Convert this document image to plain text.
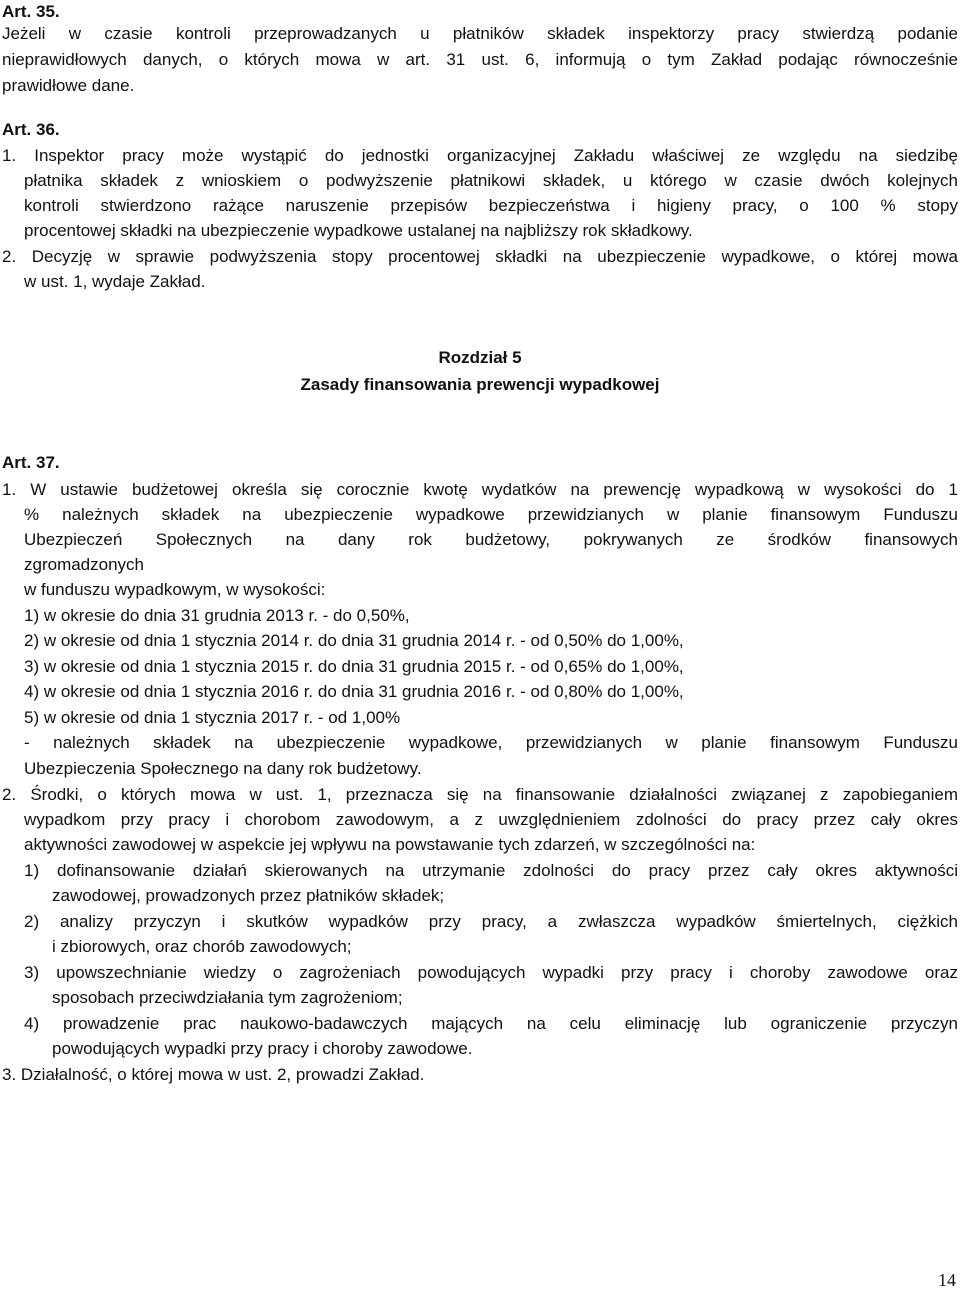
Art. 35.
Jeżeli w czasie kontroli przeprowadzanych u płatników składek inspektorzy pracy stwierdzą podanie
nieprawidłowych danych, o których mowa w art. 31 ust. 6, informują o tym Zakład podając równocześnie
prawidłowe dane.
Art. 36.
1. Inspektor pracy może wystąpić do jednostki organizacyjnej Zakładu właściwej ze względu na siedzibę
płatnika składek z wnioskiem o podwyższenie płatnikowi składek, u którego w czasie dwóch kolejnych
kontroli stwierdzono rażące naruszenie przepisów bezpieczeństwa i higieny pracy, o 100 % stopy
procentowej składki na ubezpieczenie wypadkowe ustalanej na najbliższy rok składkowy.
2. Decyzję w sprawie podwyższenia stopy procentowej składki na ubezpieczenie wypadkowe, o której mowa
w ust. 1, wydaje Zakład.
Rozdział 5
Zasady finansowania prewencji wypadkowej
Art. 37.
1. W ustawie budżetowej określa się corocznie kwotę wydatków na prewencję wypadkową w wysokości do 1
% należnych składek na ubezpieczenie wypadkowe przewidzianych w planie finansowym Funduszu
Ubezpieczeń Społecznych na dany rok budżetowy, pokrywanych ze środków finansowych
zgromadzonych
w funduszu wypadkowym, w wysokości:
1) w okresie do dnia 31 grudnia 2013 r. - do 0,50%,
2) w okresie od dnia 1 stycznia 2014 r. do dnia 31 grudnia 2014 r. - od 0,50% do 1,00%,
3) w okresie od dnia 1 stycznia 2015 r. do dnia 31 grudnia 2015 r. - od 0,65% do 1,00%,
4) w okresie od dnia 1 stycznia 2016 r. do dnia 31 grudnia 2016 r. - od 0,80% do 1,00%,
5) w okresie od dnia 1 stycznia 2017 r. - od 1,00%
- należnych składek na ubezpieczenie wypadkowe, przewidzianych w planie finansowym Funduszu
Ubezpieczenia Społecznego na dany rok budżetowy.
2. Środki, o których mowa w ust. 1, przeznacza się na finansowanie działalności związanej z zapobieganiem
wypadkom przy pracy i chorobom zawodowym, a z uwzględnieniem zdolności do pracy przez cały okres
aktywności zawodowej w aspekcie jej wpływu na powstawanie tych zdarzeń, w szczególności na:
1) dofinansowanie działań skierowanych na utrzymanie zdolności do pracy przez cały okres aktywności
zawodowej, prowadzonych przez płatników składek;
2) analizy przyczyn i skutków wypadków przy pracy, a zwłaszcza wypadków śmiertelnych, ciężkich
i zbiorowych, oraz chorób zawodowych;
3) upowszechnianie wiedzy o zagrożeniach powodujących wypadki przy pracy i choroby zawodowe oraz
sposobach przeciwdziałania tym zagrożeniom;
4) prowadzenie prac naukowo-badawczych mających na celu eliminację lub ograniczenie przyczyn
powodujących wypadki przy pracy i choroby zawodowe.
3. Działalność, o której mowa w ust. 2, prowadzi Zakład.
14
